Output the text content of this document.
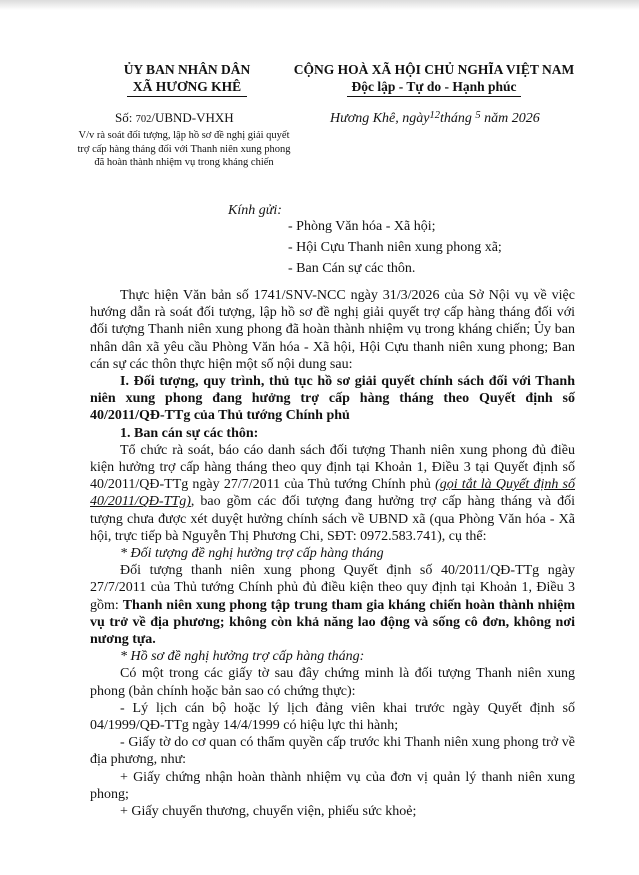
ỦY BAN NHÂN DÂN
XÃ HƯƠNG KHÊ
CỘNG HOÀ XÃ HỘI CHỦ NGHĨA VIỆT NAM
Độc lập - Tự do - Hạnh phúc
Số: 702/UBND-VHXH	Hương Khê, ngày$^{12}$tháng $^5$ năm 2026
V/v rà soát đối tượng, lập hồ sơ đề nghị giải quyết trợ cấp hàng tháng đối với Thanh niên xung phong đã hoàn thành nhiệm vụ trong kháng chiến
Kính gửi:
- Phòng Văn hóa - Xã hội;
- Hội Cựu Thanh niên xung phong xã;
- Ban Cán sự các thôn.

Thực hiện Văn bản số 1741/SNV-NCC ngày 31/3/2026 của Sở Nội vụ về việc hướng dẫn rà soát đối tượng, lập hồ sơ đề nghị giải quyết trợ cấp hàng tháng đối với đối tượng Thanh niên xung phong đã hoàn thành nhiệm vụ trong kháng chiến; Ủy ban nhân dân xã yêu cầu Phòng Văn hóa - Xã hội, Hội Cựu thanh niên xung phong; Ban cán sự các thôn thực hiện một số nội dung sau:

I. Đối tượng, quy trình, thủ tục hồ sơ giải quyết chính sách đối với Thanh niên xung phong đang hưởng trợ cấp hàng tháng theo Quyết định số 40/2011/QĐ-TTg của Thủ tướng Chính phủ

1. Ban cán sự các thôn:

Tổ chức rà soát, báo cáo danh sách đối tượng Thanh niên xung phong đủ điều kiện hưởng trợ cấp hàng tháng theo quy định tại Khoản 1, Điều 3 tại Quyết định số 40/2011/QĐ-TTg ngày 27/7/2011 của Thủ tướng Chính phủ (gọi tắt là Quyết định số 40/2011/QĐ-TTg), bao gồm các đối tượng đang hưởng trợ cấp hàng tháng và đối tượng chưa được xét duyệt hưởng chính sách về UBND xã (qua Phòng Văn hóa - Xã hội, trực tiếp bà Nguyễn Thị Phương Chi, SĐT: 0972.583.741), cụ thể:

* Đối tượng đề nghị hưởng trợ cấp hàng tháng

Đối tượng thanh niên xung phong Quyết định số 40/2011/QĐ-TTg ngày 27/7/2011 của Thủ tướng Chính phủ đủ điều kiện theo quy định tại Khoản 1, Điều 3 gồm: Thanh niên xung phong tập trung tham gia kháng chiến hoàn thành nhiệm vụ trở về địa phương; không còn khả năng lao động và sống cô đơn, không nơi nương tựa.

* Hồ sơ đề nghị hưởng trợ cấp hàng tháng:

Có một trong các giấy tờ sau đây chứng minh là đối tượng Thanh niên xung phong (bản chính hoặc bản sao có chứng thực):

- Lý lịch cán bộ hoặc lý lịch đảng viên khai trước ngày Quyết định số 04/1999/QĐ-TTg ngày 14/4/1999 có hiệu lực thi hành;

- Giấy tờ do cơ quan có thẩm quyền cấp trước khi Thanh niên xung phong trở về địa phương, như:

+ Giấy chứng nhận hoàn thành nhiệm vụ của đơn vị quản lý thanh niên xung phong;

+ Giấy chuyển thương, chuyển viện, phiếu sức khoẻ;
